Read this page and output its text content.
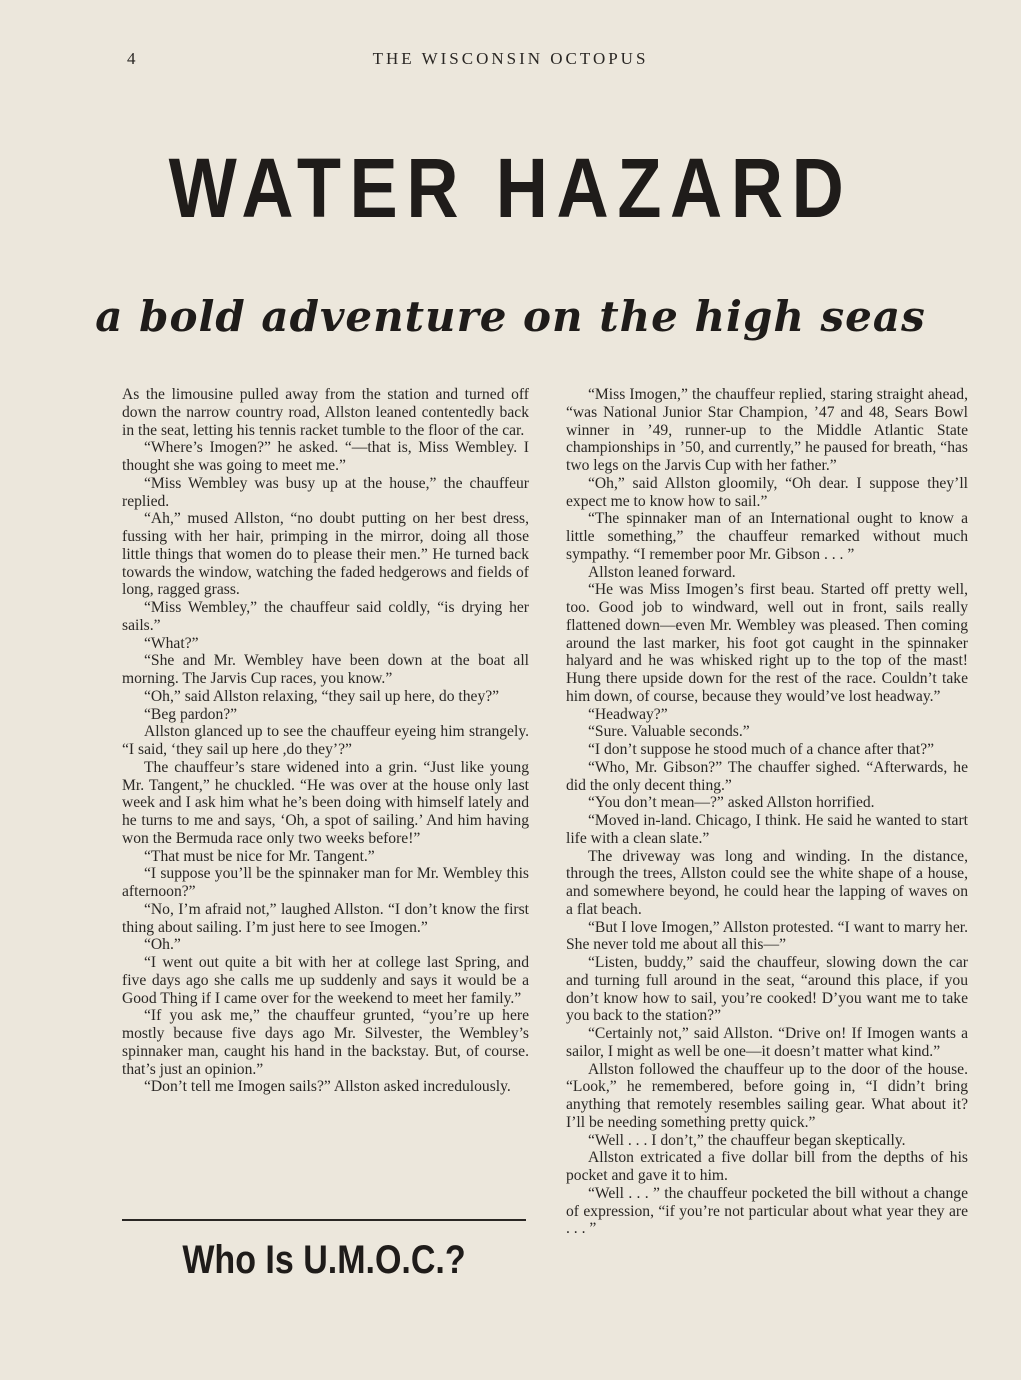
4	THE WISCONSIN OCTOPUS
WATER HAZARD
a bold adventure on the high seas

As the limousine pulled away from the station and turned off down the narrow country road, Allston leaned contentedly back in the seat, letting his tennis racket tumble to the floor of the car.

“Where’s Imogen?” he asked. “—that is, Miss Wembley. I thought she was going to meet me.”

“Miss Wembley was busy up at the house,” the chauffeur replied.

“Ah,” mused Allston, “no doubt putting on her best dress, fussing with her hair, primping in the mirror, doing all those little things that women do to please their men.” He turned back towards the window, watching the faded hedgerows and fields of long, ragged grass.

“Miss Wembley,” the chauffeur said coldly, “is drying her sails.”

“What?”

“She and Mr. Wembley have been down at the boat all morning. The Jarvis Cup races, you know.”

“Oh,” said Allston relaxing, “they sail up here, do they?”

“Beg pardon?”

Allston glanced up to see the chauffeur eyeing him strangely. “I said, ‘they sail up here ,do they’?”

The chauffeur’s stare widened into a grin. “Just like young Mr. Tangent,” he chuckled. “He was over at the house only last week and I ask him what he’s been doing with himself lately and he turns to me and says, ‘Oh, a spot of sailing.’ And him having won the Bermuda race only two weeks before!”

“That must be nice for Mr. Tangent.”

“I suppose you’ll be the spinnaker man for Mr. Wembley this afternoon?”

“No, I’m afraid not,” laughed Allston. “I don’t know the first thing about sailing. I’m just here to see Imogen.”

“Oh.”

“I went out quite a bit with her at college last Spring, and five days ago she calls me up suddenly and says it would be a Good Thing if I came over for the weekend to meet her family.”

“If you ask me,” the chauffeur grunted, “you’re up here mostly because five days ago Mr. Silvester, the Wembley’s spinnaker man, caught his hand in the backstay. But, of course. that’s just an opinion.”

“Don’t tell me Imogen sails?” Allston asked incredulously.

“Miss Imogen,” the chauffeur replied, staring straight ahead, “was National Junior Star Champion, ’47 and 48, Sears Bowl winner in ’49, runner-up to the Middle Atlantic State championships in ’50, and currently,” he paused for breath, “has two legs on the Jarvis Cup with her father.”

“Oh,” said Allston gloomily, “Oh dear. I suppose they’ll expect me to know how to sail.”

“The spinnaker man of an International ought to know a little something,” the chauffeur remarked without much sympathy. “I remember poor Mr. Gibson . . . ”

Allston leaned forward.

“He was Miss Imogen’s first beau. Started off pretty well, too. Good job to windward, well out in front, sails really flattened down—even Mr. Wembley was pleased. Then coming around the last marker, his foot got caught in the spinnaker halyard and he was whisked right up to the top of the mast! Hung there upside down for the rest of the race. Couldn’t take him down, of course, because they would’ve lost headway.”

“Headway?”

“Sure. Valuable seconds.”

“I don’t suppose he stood much of a chance after that?”

“Who, Mr. Gibson?” The chauffer sighed. “Afterwards, he did the only decent thing.”

“You don’t mean—?” asked Allston horrified.

“Moved in-land. Chicago, I think. He said he wanted to start life with a clean slate.”

The driveway was long and winding. In the distance, through the trees, Allston could see the white shape of a house, and somewhere beyond, he could hear the lapping of waves on a flat beach.

“But I love Imogen,” Allston protested. “I want to marry her. She never told me about all this—”

“Listen, buddy,” said the chauffeur, slowing down the car and turning full around in the seat, “around this place, if you don’t know how to sail, you’re cooked! D’you want me to take you back to the station?”

“Certainly not,” said Allston. “Drive on! If Imogen wants a sailor, I might as well be one—it doesn’t matter what kind.”

Allston followed the chauffeur up to the door of the house. “Look,” he remembered, before going in, “I didn’t bring anything that remotely resembles sailing gear. What about it? I’ll be needing something pretty quick.”

“Well . . . I don’t,” the chauffeur began skeptically.

Allston extricated a five dollar bill from the depths of his pocket and gave it to him.

“Well . . . ” the chauffeur pocketed the bill without a change of expression, “if you’re not particular about what year they are . . . ”

Who Is U.M.O.C.?
